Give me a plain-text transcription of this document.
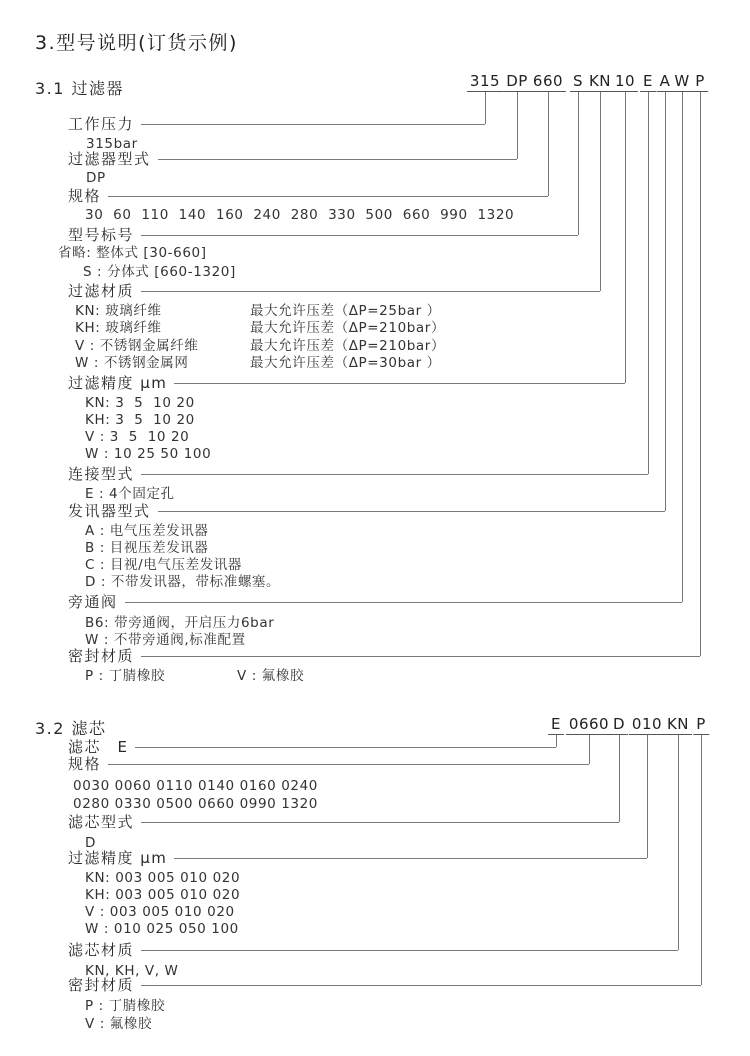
3.型号说明(订货示例)
3.1 过滤器	315 DP 660 S KN 10 E A W P
工作压力
315bar
过滤器型式
DP
规格
30  60  110  140  160  240  280  330  500  660  990  1320
型号标号
省略: 整体式 [30-660]
S : 分体式 [660-1320]
过滤材质
KN: 玻璃纤维	最大允许压差（ΔP=25bar ）
KH: 玻璃纤维	最大允许压差（ΔP=210bar）
V : 不锈钢金属纤维	最大允许压差（ΔP=210bar）
W : 不锈钢金属网	最大允许压差（ΔP=30bar ）
过滤精度 μm
KN: 3  5  10 20
KH: 3  5  10 20
V : 3  5  10 20
W : 10 25 50 100
连接型式
E : 4个固定孔
发讯器型式
A : 电气压差发讯器
B : 目视压差发讯器
C : 目视/电气压差发讯器
D : 不带发讯器，带标准螺塞。
旁通阀
B6: 带旁通阀，开启压力6bar
W : 不带旁通阀,标准配置
密封材质
P : 丁腈橡胶	V : 氟橡胶
3.2 滤芯	E 0660 D 010 KN P
滤芯　E
规格
0030 0060 0110 0140 0160 0240
0280 0330 0500 0660 0990 1320
滤芯型式
D
过滤精度 μm
KN: 003 005 010 020
KH: 003 005 010 020
V : 003 005 010 020
W : 010 025 050 100
滤芯材质
KN, KH, V, W
密封材质
P : 丁腈橡胶
V : 氟橡胶
